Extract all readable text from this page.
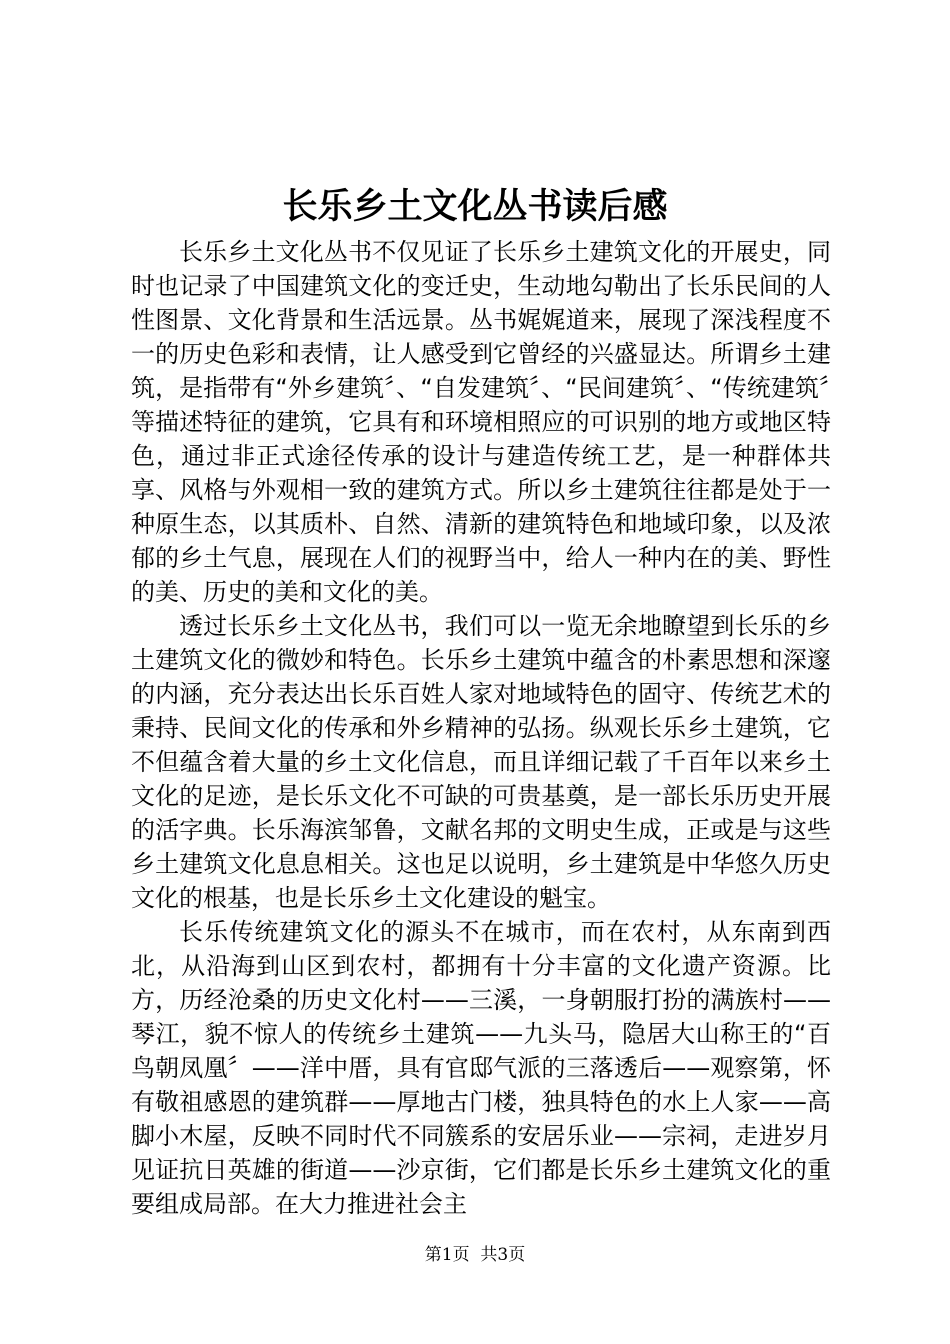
长乐乡土文化丛书读后感

长乐乡土文化丛书不仅见证了长乐乡土建筑文化的开展史，同时也记录了中国建筑文化的变迁史，生动地勾勒出了长乐民间的人性图景、文化背景和生活远景。丛书娓娓道来，展现了深浅程度不一的历史色彩和表情，让人感受到它曾经的兴盛显达。所谓乡土建筑，是指带有“外乡建筑〞、“自发建筑〞、“民间建筑〞、“传统建筑〞等描述特征的建筑，它具有和环境相照应的可识别的地方或地区特色，通过非正式途径传承的设计与建造传统工艺，是一种群体共享、风格与外观相一致的建筑方式。所以乡土建筑往往都是处于一种原生态，以其质朴、自然、清新的建筑特色和地域印象，以及浓郁的乡土气息，展现在人们的视野当中，给人一种内在的美、野性的美、历史的美和文化的美。

透过长乐乡土文化丛书，我们可以一览无余地瞭望到长乐的乡土建筑文化的微妙和特色。长乐乡土建筑中蕴含的朴素思想和深邃的内涵，充分表达出长乐百姓人家对地域特色的固守、传统艺术的秉持、民间文化的传承和外乡精神的弘扬。纵观长乐乡土建筑，它不但蕴含着大量的乡土文化信息，而且详细记载了千百年以来乡土文化的足迹，是长乐文化不可缺的可贵基奠，是一部长乐历史开展的活字典。长乐海滨邹鲁，文献名邦的文明史生成，正或是与这些乡土建筑文化息息相关。这也足以说明，乡土建筑是中华悠久历史文化的根基，也是长乐乡土文化建设的魁宝。

长乐传统建筑文化的源头不在城市，而在农村，从东南到西北，从沿海到山区到农村，都拥有十分丰富的文化遗产资源。比方，历经沧桑的历史文化村——三溪，一身朝服打扮的满族村——琴江，貌不惊人的传统乡土建筑——九头马，隐居大山称王的“百鸟朝凤凰〞——洋中厝，具有官邸气派的三落透后——观察第，怀有敬祖感恩的建筑群——厚地古门楼，独具特色的水上人家——高脚小木屋，反映不同时代不同簇系的安居乐业——宗祠，走进岁月见证抗日英雄的街道——沙京街，它们都是长乐乡土建筑文化的重要组成局部。在大力推进社会主

第1页  共3页
